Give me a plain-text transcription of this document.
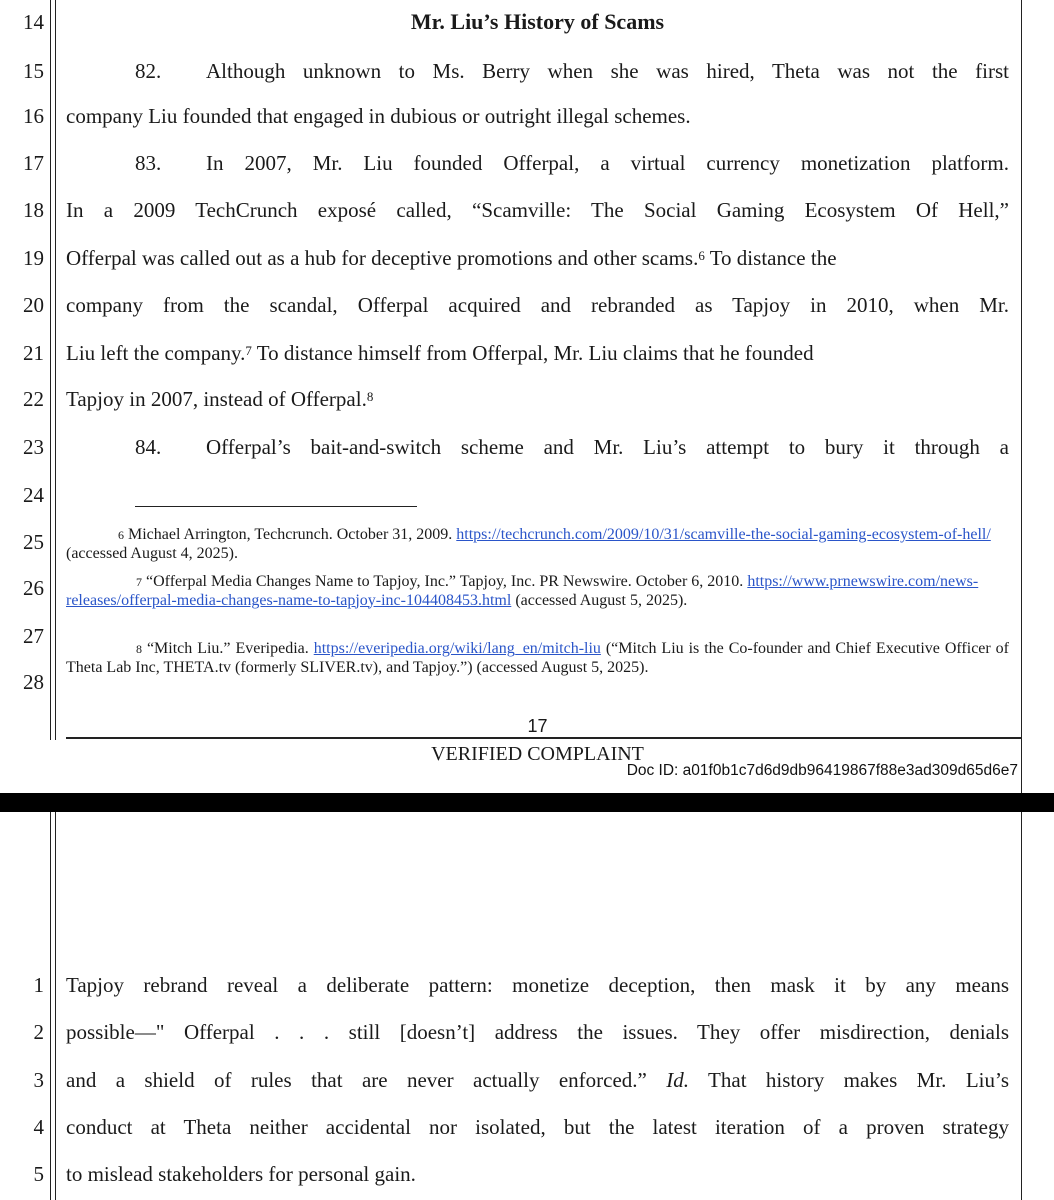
14
15
16
17
18
19
20
21
22
23
24
25
26
27
28
Mr. Liu’s History of Scams
82. Although unknown to Ms. Berry when she was hired, Theta was not the first
company Liu founded that engaged in dubious or outright illegal schemes.
83. In 2007, Mr. Liu founded Offerpal, a virtual currency monetization platform.
In a 2009 TechCrunch exposé called, “Scamville: The Social Gaming Ecosystem Of Hell,”
Offerpal was called out as a hub for deceptive promotions and other scams.$^6$ To distance the
company from the scandal, Offerpal acquired and rebranded as Tapjoy in 2010, when Mr.
Liu left the company.$^7$ To distance himself from Offerpal, Mr. Liu claims that he founded
Tapjoy in 2007, instead of Offerpal.$^8$
84. Offerpal’s bait-and-switch scheme and Mr. Liu’s attempt to bury it through a
$^6$ Michael Arrington, Techcrunch. October 31, 2009. https://techcrunch.com/2009/10/31/scamville-the-social-gaming-ecosystem-of-hell/ (accessed August 4, 2025).
$^7$ “Offerpal Media Changes Name to Tapjoy, Inc.” Tapjoy, Inc. PR Newswire. October 6, 2010. https://www.prnewswire.com/news-releases/offerpal-media-changes-name-to-tapjoy-inc-104408453.html (accessed August 5, 2025).
$^8$ “Mitch Liu.” Everipedia. https://everipedia.org/wiki/lang_en/mitch-liu (“Mitch Liu is the Co-founder and Chief Executive Officer of Theta Lab Inc, THETA.tv (formerly SLIVER.tv), and Tapjoy.”) (accessed August 5, 2025).
17
VERIFIED COMPLAINT
Doc ID: a01f0b1c7d6d9db96419867f88e3ad309d65d6e7
1
2
3
4
5
Tapjoy rebrand reveal a deliberate pattern: monetize deception, then mask it by any means
possible—" Offerpal . . . still [doesn’t] address the issues. They offer misdirection, denials
and a shield of rules that are never actually enforced.” Id. That history makes Mr. Liu’s
conduct at Theta neither accidental nor isolated, but the latest iteration of a proven strategy
to mislead stakeholders for personal gain.
